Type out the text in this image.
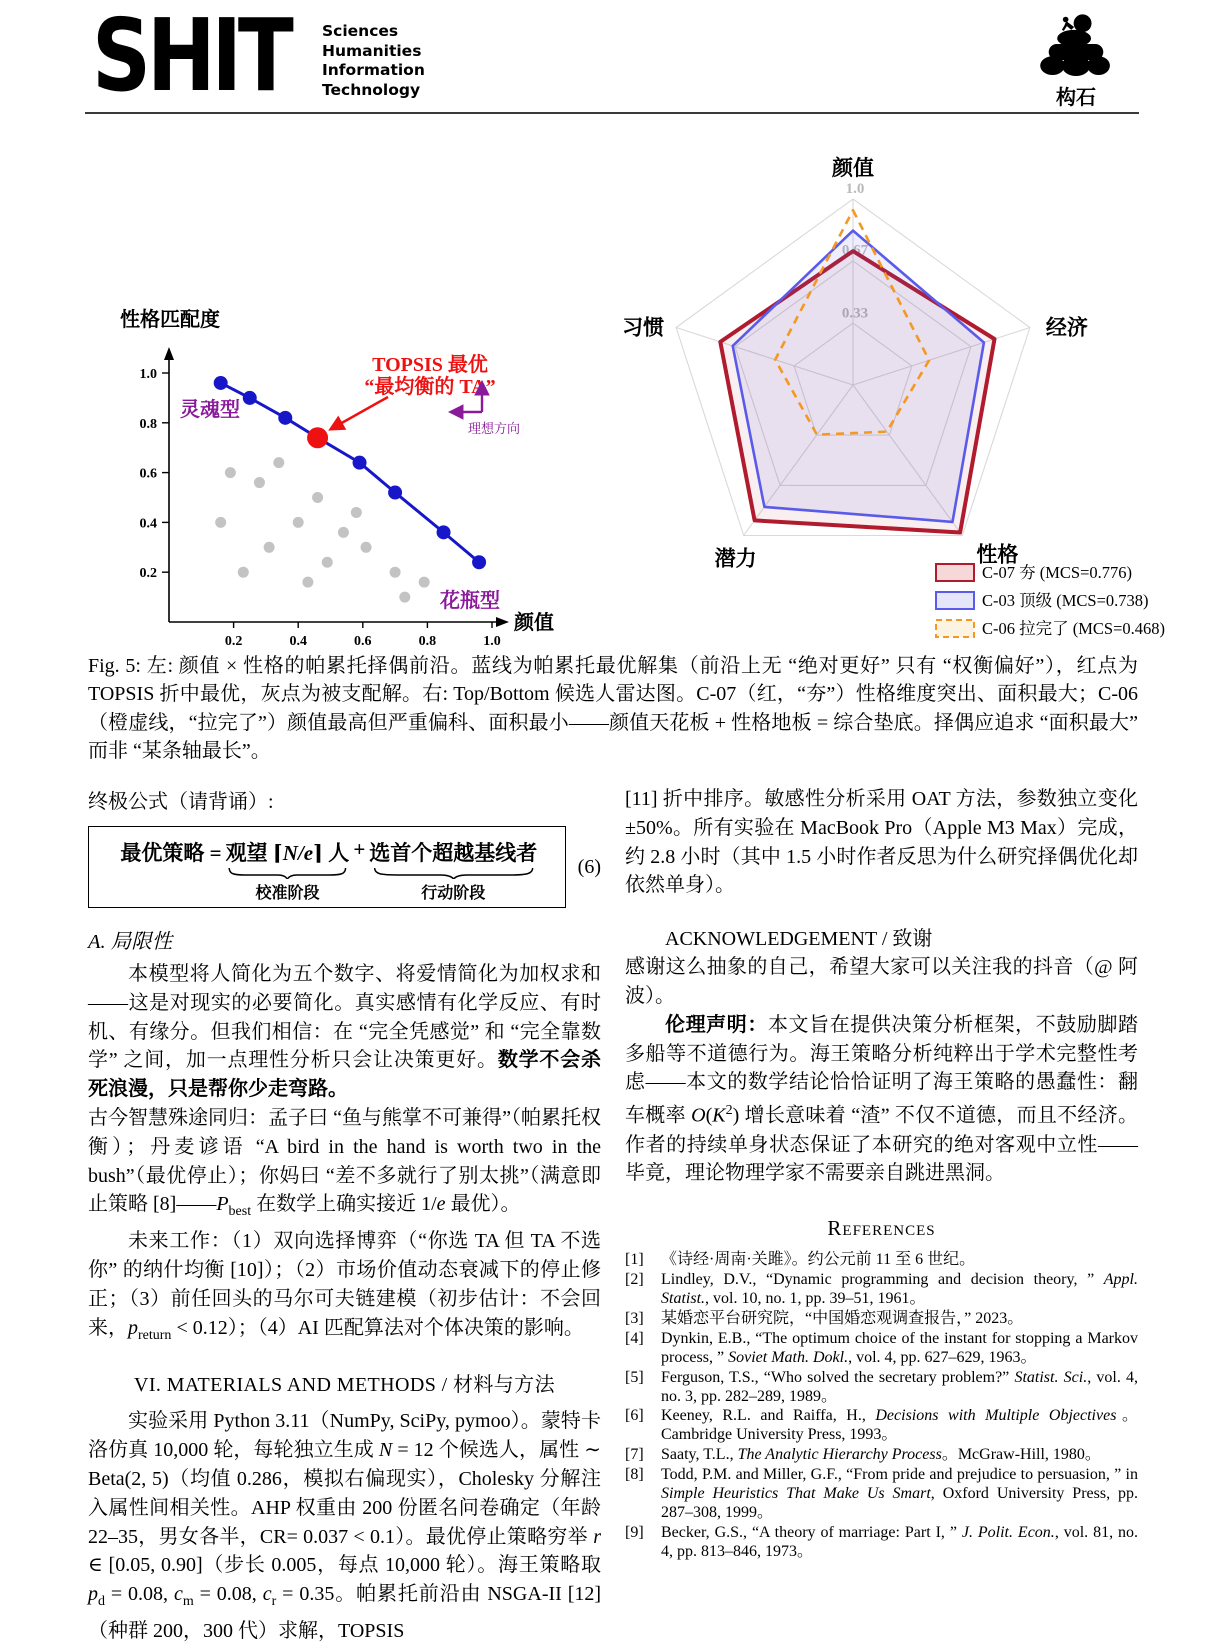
SHIT Sciences
Humanities
Information
Technology	构石
0.2	0.4	0.6	0.8	1.0
0.2
0.4
0.6
0.8
1.0
性格匹配度
颜值
灵魂型
花瓶型
TOPSIS 最优
“最均衡的 TA”
理想方向
1.0
颜值
经济
性格
潜力
习惯
C-07 夯 (MCS=0.776)
C-03 顶级 (MCS=0.738)
C-06 拉完了 (MCS=0.468)

Fig. 5: 左: 颜值 × 性格的帕累托择偶前沿。蓝线为帕累托最优解集（前沿上无 “绝对更好” 只有 “权衡偏好”），红点为 TOPSIS 折中最优，灰点为被支配解。右: Top/Bottom 候选人雷达图。C-07（红，“夯”）性格维度突出、面积最大；C-06（橙虚线，“拉完了”）颜值最高但严重偏科、面积最小——颜值天花板 + 性格地板 = 综合垫底。择偶应追求 “面积最大” 而非 “某条轴最长”。

终极公式（请背诵）:

最优策略 = 观望 ⌈N/e⌉ 人
校准阶段
+ 选首个超越基线者
行动阶段
(6)
A. 局限性

本模型将人简化为五个数字、将爱情简化为加权求和——这是对现实的必要简化。真实感情有化学反应、有时机、有缘分。但我们相信：在 “完全凭感觉” 和 “完全靠数学” 之间，加一点理性分析只会让决策更好。数学不会杀死浪漫，只是帮你少走弯路。

古今智慧殊途同归：孟子曰 “鱼与熊掌不可兼得”（帕累托权衡）；丹麦谚语 “A bird in the hand is worth two in the bush”（最优停止）；你妈曰 “差不多就行了别太挑”（满意即止策略 $[8]——P_{best}$ 在数学上确实接近 1/e 最优）。

未来工作：（1）双向选择博弈（“你选 TA 但 TA 不选你” 的纳什均衡 [10]）；（2）市场价值动态衰减下的停止修正；（3）前任回头的马尔可夫链建模（初步估计：不会回来，$p_{return} < 0.12$）；（4）AI 匹配算法对个体决策的影响。

VI. MATERIALS AND METHODS / 材料与方法

实验采用 Python 3.11（NumPy, SciPy, pymoo）。蒙特卡洛仿真 10,000 轮，每轮独立生成 N = 12 个候选人，属性 ∼ Beta(2, 5)（均值 0.286，模拟右偏现实），Cholesky 分解注入属性间相关性。AHP 权重由 200 份匿名问卷确定（年龄 22–35，男女各半，CR= 0.037 < 0.1）。最优停止策略穷举 r ∈ [0.05, 0.90]（步长 0.005，每点 10,000 轮）。海王策略取 $p_d = 0.08$, $c_m = 0.08$, $c_r = 0.35$。帕累托前沿由 NSGA-II [12]（种群 200，300 代）求解，TOPSIS

[11] 折中排序。敏感性分析采用 OAT 方法，参数独立变化 ±50%。所有实验在 MacBook Pro（Apple M3 Max）完成，约 2.8 小时（其中 1.5 小时作者反思为什么研究择偶优化却依然单身）。

ACKNOWLEDGEMENT / 致谢

感谢这么抽象的自己，希望大家可以关注我的抖音（@ 阿波）。

伦理声明：本文旨在提供决策分析框架，不鼓励脚踏多船等不道德行为。海王策略分析纯粹出于学术完整性考虑——本文的数学结论恰恰证明了海王策略的愚蠢性：翻车概率 $O(K^2)$ 增长意味着 “渣” 不仅不道德，而且不经济。作者的持续单身状态保证了本研究的绝对客观中立性——毕竟，理论物理学家不需要亲自跳进黑洞。

References
[1]	《诗经·周南·关雎》。约公元前 11 至 6 世纪。
[2]	Lindley, D.V., “Dynamic programming and decision theory, ” Appl. Statist., vol. 10, no. 1, pp. 39–51, 1961。
[3]	某婚恋平台研究院，“中国婚恋观调查报告，” 2023。
[4]	Dynkin, E.B., “The optimum choice of the instant for stopping a Markov process, ” Soviet Math. Dokl., vol. 4, pp. 627–629, 1963。
[5]	Ferguson, T.S., “Who solved the secretary problem?” Statist. Sci., vol. 4, no. 3, pp. 282–289, 1989。
[6]	Keeney, R.L. and Raiffa, H., Decisions with Multiple Objectives。Cambridge University Press, 1993。
[7]	Saaty, T.L., The Analytic Hierarchy Process。McGraw-Hill, 1980。
[8]	Todd, P.M. and Miller, G.F., “From pride and prejudice to persuasion, ” in Simple Heuristics That Make Us Smart, Oxford University Press, pp. 287–308, 1999。
[9]	Becker, G.S., “A theory of marriage: Part I, ” J. Polit. Econ., vol. 81, no. 4, pp. 813–846, 1973。
